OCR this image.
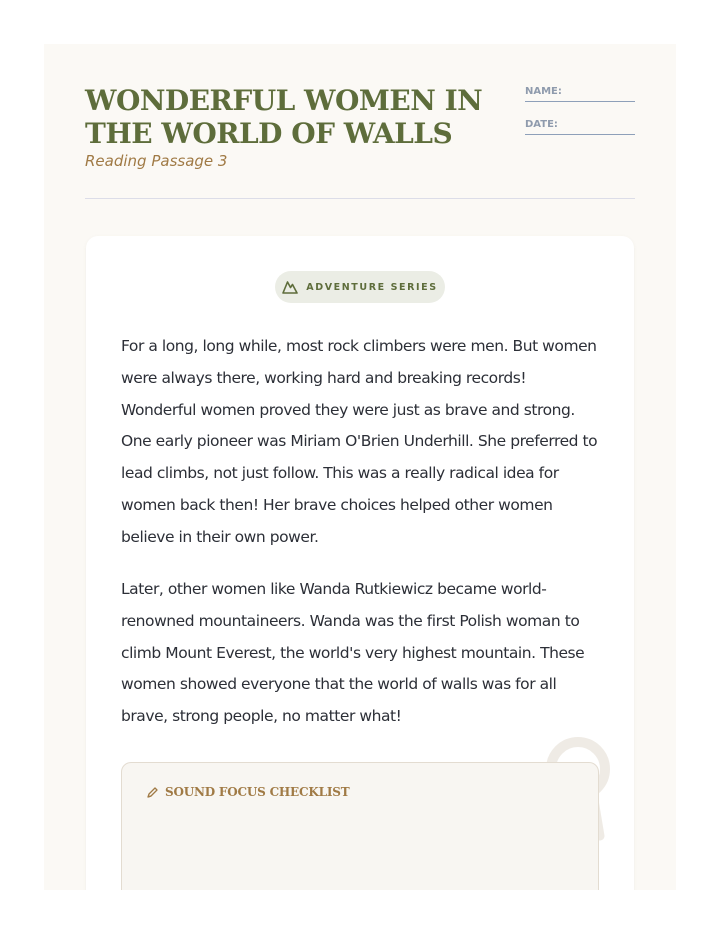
WONDERFUL WOMEN IN
THE WORLD OF WALLS
Reading Passage 3
NAME:
DATE:
ADVENTURE SERIES

For a long, long while, most rock climbers were men. But women were always there, working hard and breaking records! Wonderful women proved they were just as brave and strong. One early pioneer was Miriam O'Brien Underhill. She preferred to lead climbs, not just follow. This was a really radical idea for women back then! Her brave choices helped other women believe in their own power.

Later, other women like Wanda Rutkiewicz became world-renowned mountaineers. Wanda was the first Polish woman to climb Mount Everest, the world's very highest mountain. These women showed everyone that the world of walls was for all brave, strong people, no matter what!

SOUND FOCUS CHECKLIST
